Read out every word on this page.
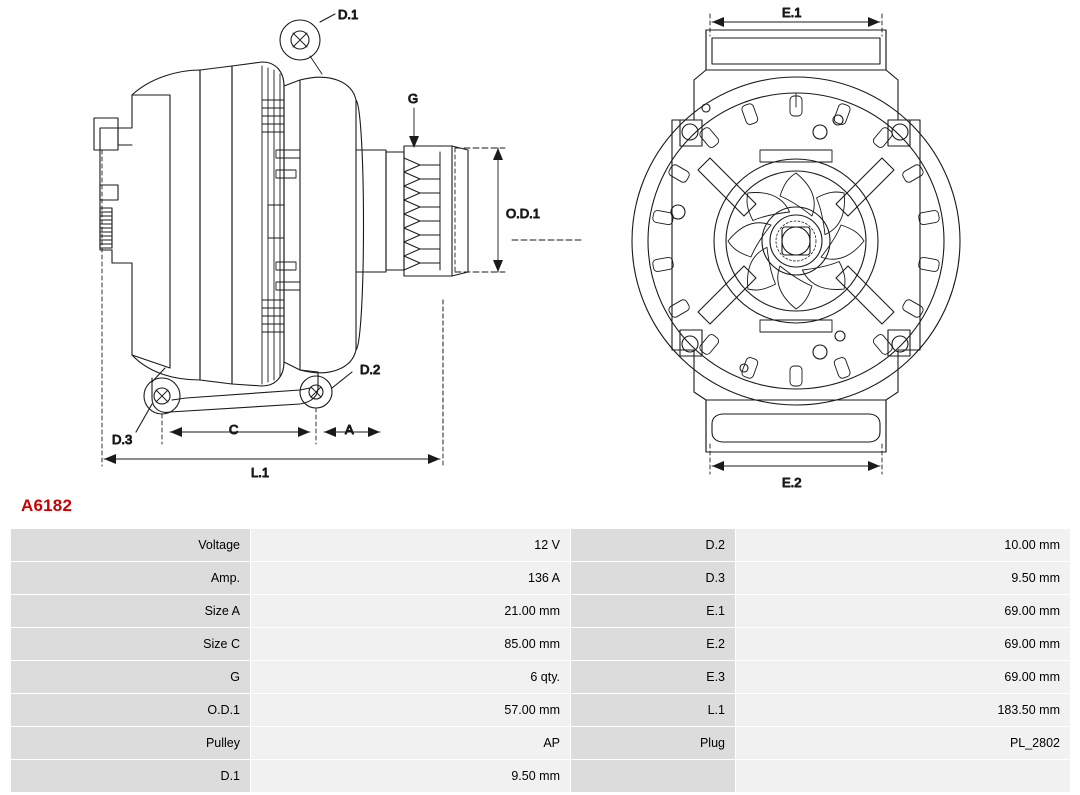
D.1
G
O.D.1
D.2
D.3
C	A
L.1
E.1
E.2
A6182
Voltage	12 V	D.2	10.00 mm
Amp.	136 A	D.3	9.50 mm
Size A	21.00 mm	E.1	69.00 mm
Size C	85.00 mm	E.2	69.00 mm
G	6 qty.	E.3	69.00 mm
O.D.1	57.00 mm	L.1	183.50 mm
Pulley	AP	Plug	PL_2802
D.1	9.50 mm		
